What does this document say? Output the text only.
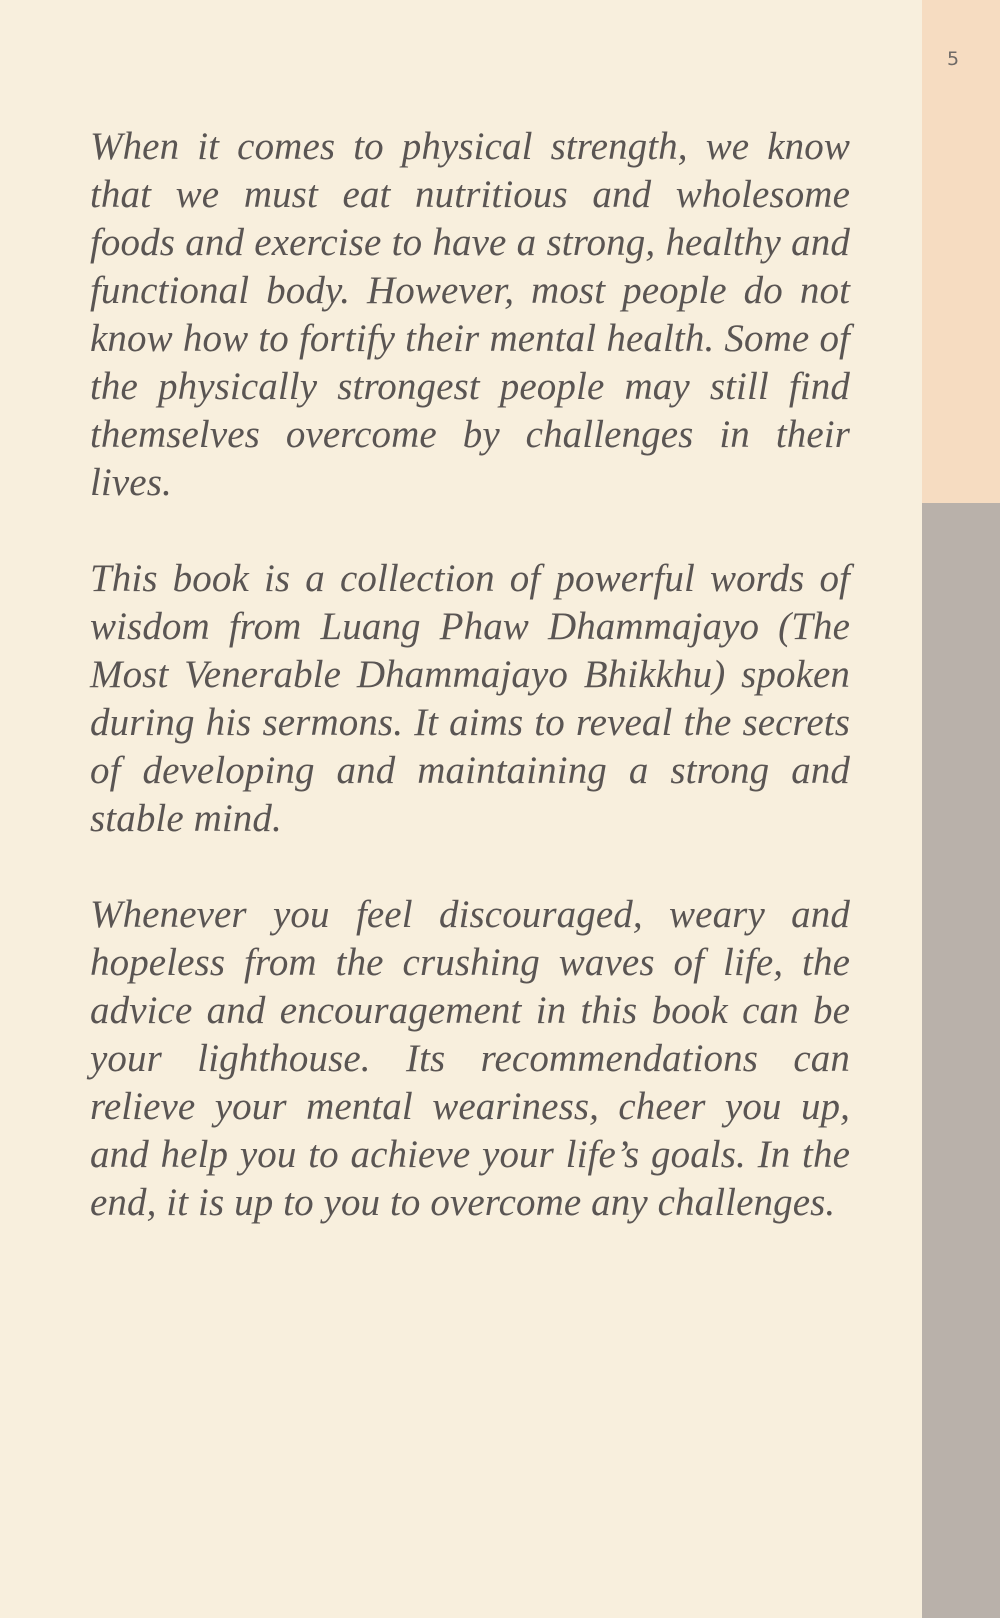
5

When it comes to physical strength, we know that we must eat nutritious and wholesome foods and exercise to have a strong, healthy and functional body. However, most people do not know how to fortify their mental health. Some of the physically strongest people may still find themselves overcome by challenges in their lives.

This book is a collection of powerful words of wisdom from Luang Phaw Dhammajayo (The Most Venerable Dhammajayo Bhikkhu) spoken during his sermons. It aims to reveal the secrets of developing and maintaining a strong and stable mind.

Whenever you feel discouraged, weary and hopeless from the crushing waves of life, the advice and encouragement in this book can be your lighthouse. Its recommendations can relieve your mental weariness, cheer you up, and help you to achieve your life’s goals. In the end, it is up to you to overcome any challenges.
